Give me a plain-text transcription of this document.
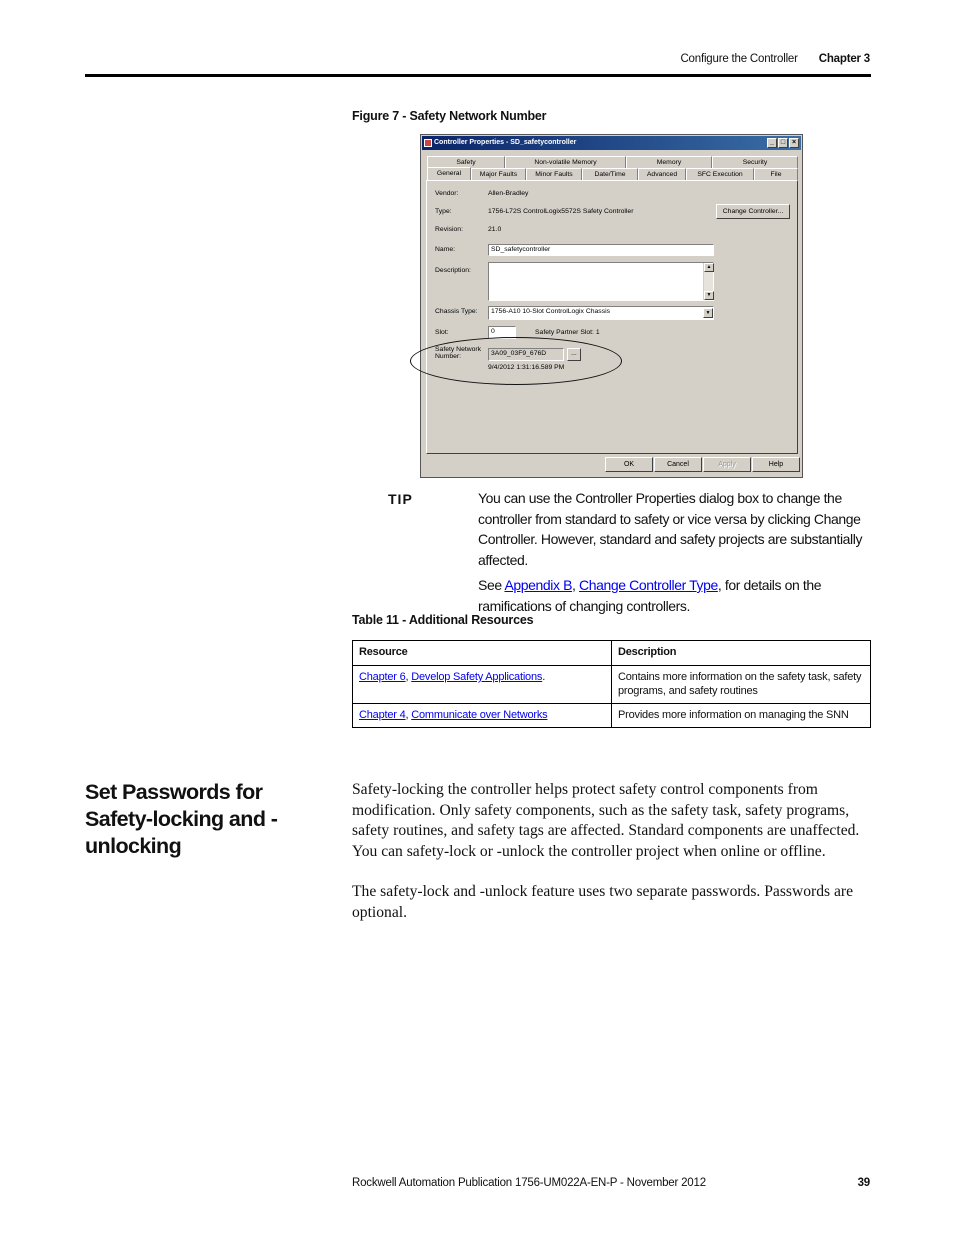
Configure the Controller Chapter 3
Figure 7 - Safety Network Number
Controller Properties - SD_safetycontroller	_ □ ×
Safety	Non-volatile Memory	Memory	Security
General	Major Faults	Minor Faults	Date/Time	Advanced	SFC Execution	File
Vendor:	Allen-Bradley
Type:	1756-L72S ControlLogix5572S Safety Controller	Change Controller...
Revision:	21.0
Name:	SD_safetycontroller
Description:	▲
▼
Chassis Type:	1756-A10 10-Slot ControlLogix Chassis	▼
Slot:	0	Safety Partner Slot: 1
Safety Network
Number:	3A09_03F9_676D	...
9/4/2012 1:31:16.589 PM
OK	Cancel	Apply	Help
TIP	You can use the Controller Properties dialog box to change the controller from standard to safety or vice versa by clicking Change Controller. However, standard and safety projects are substantially affected.

See Appendix B, Change Controller Type, for details on the ramifications of changing controllers.

Table 11 - Additional Resources
Resource	Description
Chapter 6, Develop Safety Applications.	Contains more information on the safety task, safety programs, and safety routines
Chapter 4, Communicate over Networks	Provides more information on managing the SNN
Set Passwords for Safety-locking and -unlocking

Safety-locking the controller helps protect safety control components from modification. Only safety components, such as the safety task, safety programs, safety routines, and safety tags are affected. Standard components are unaffected. You can safety-lock or -unlock the controller project when online or offline.

The safety-lock and -unlock feature uses two separate passwords. Passwords are optional.

Rockwell Automation Publication 1756-UM022A-EN-P - November 2012	39
